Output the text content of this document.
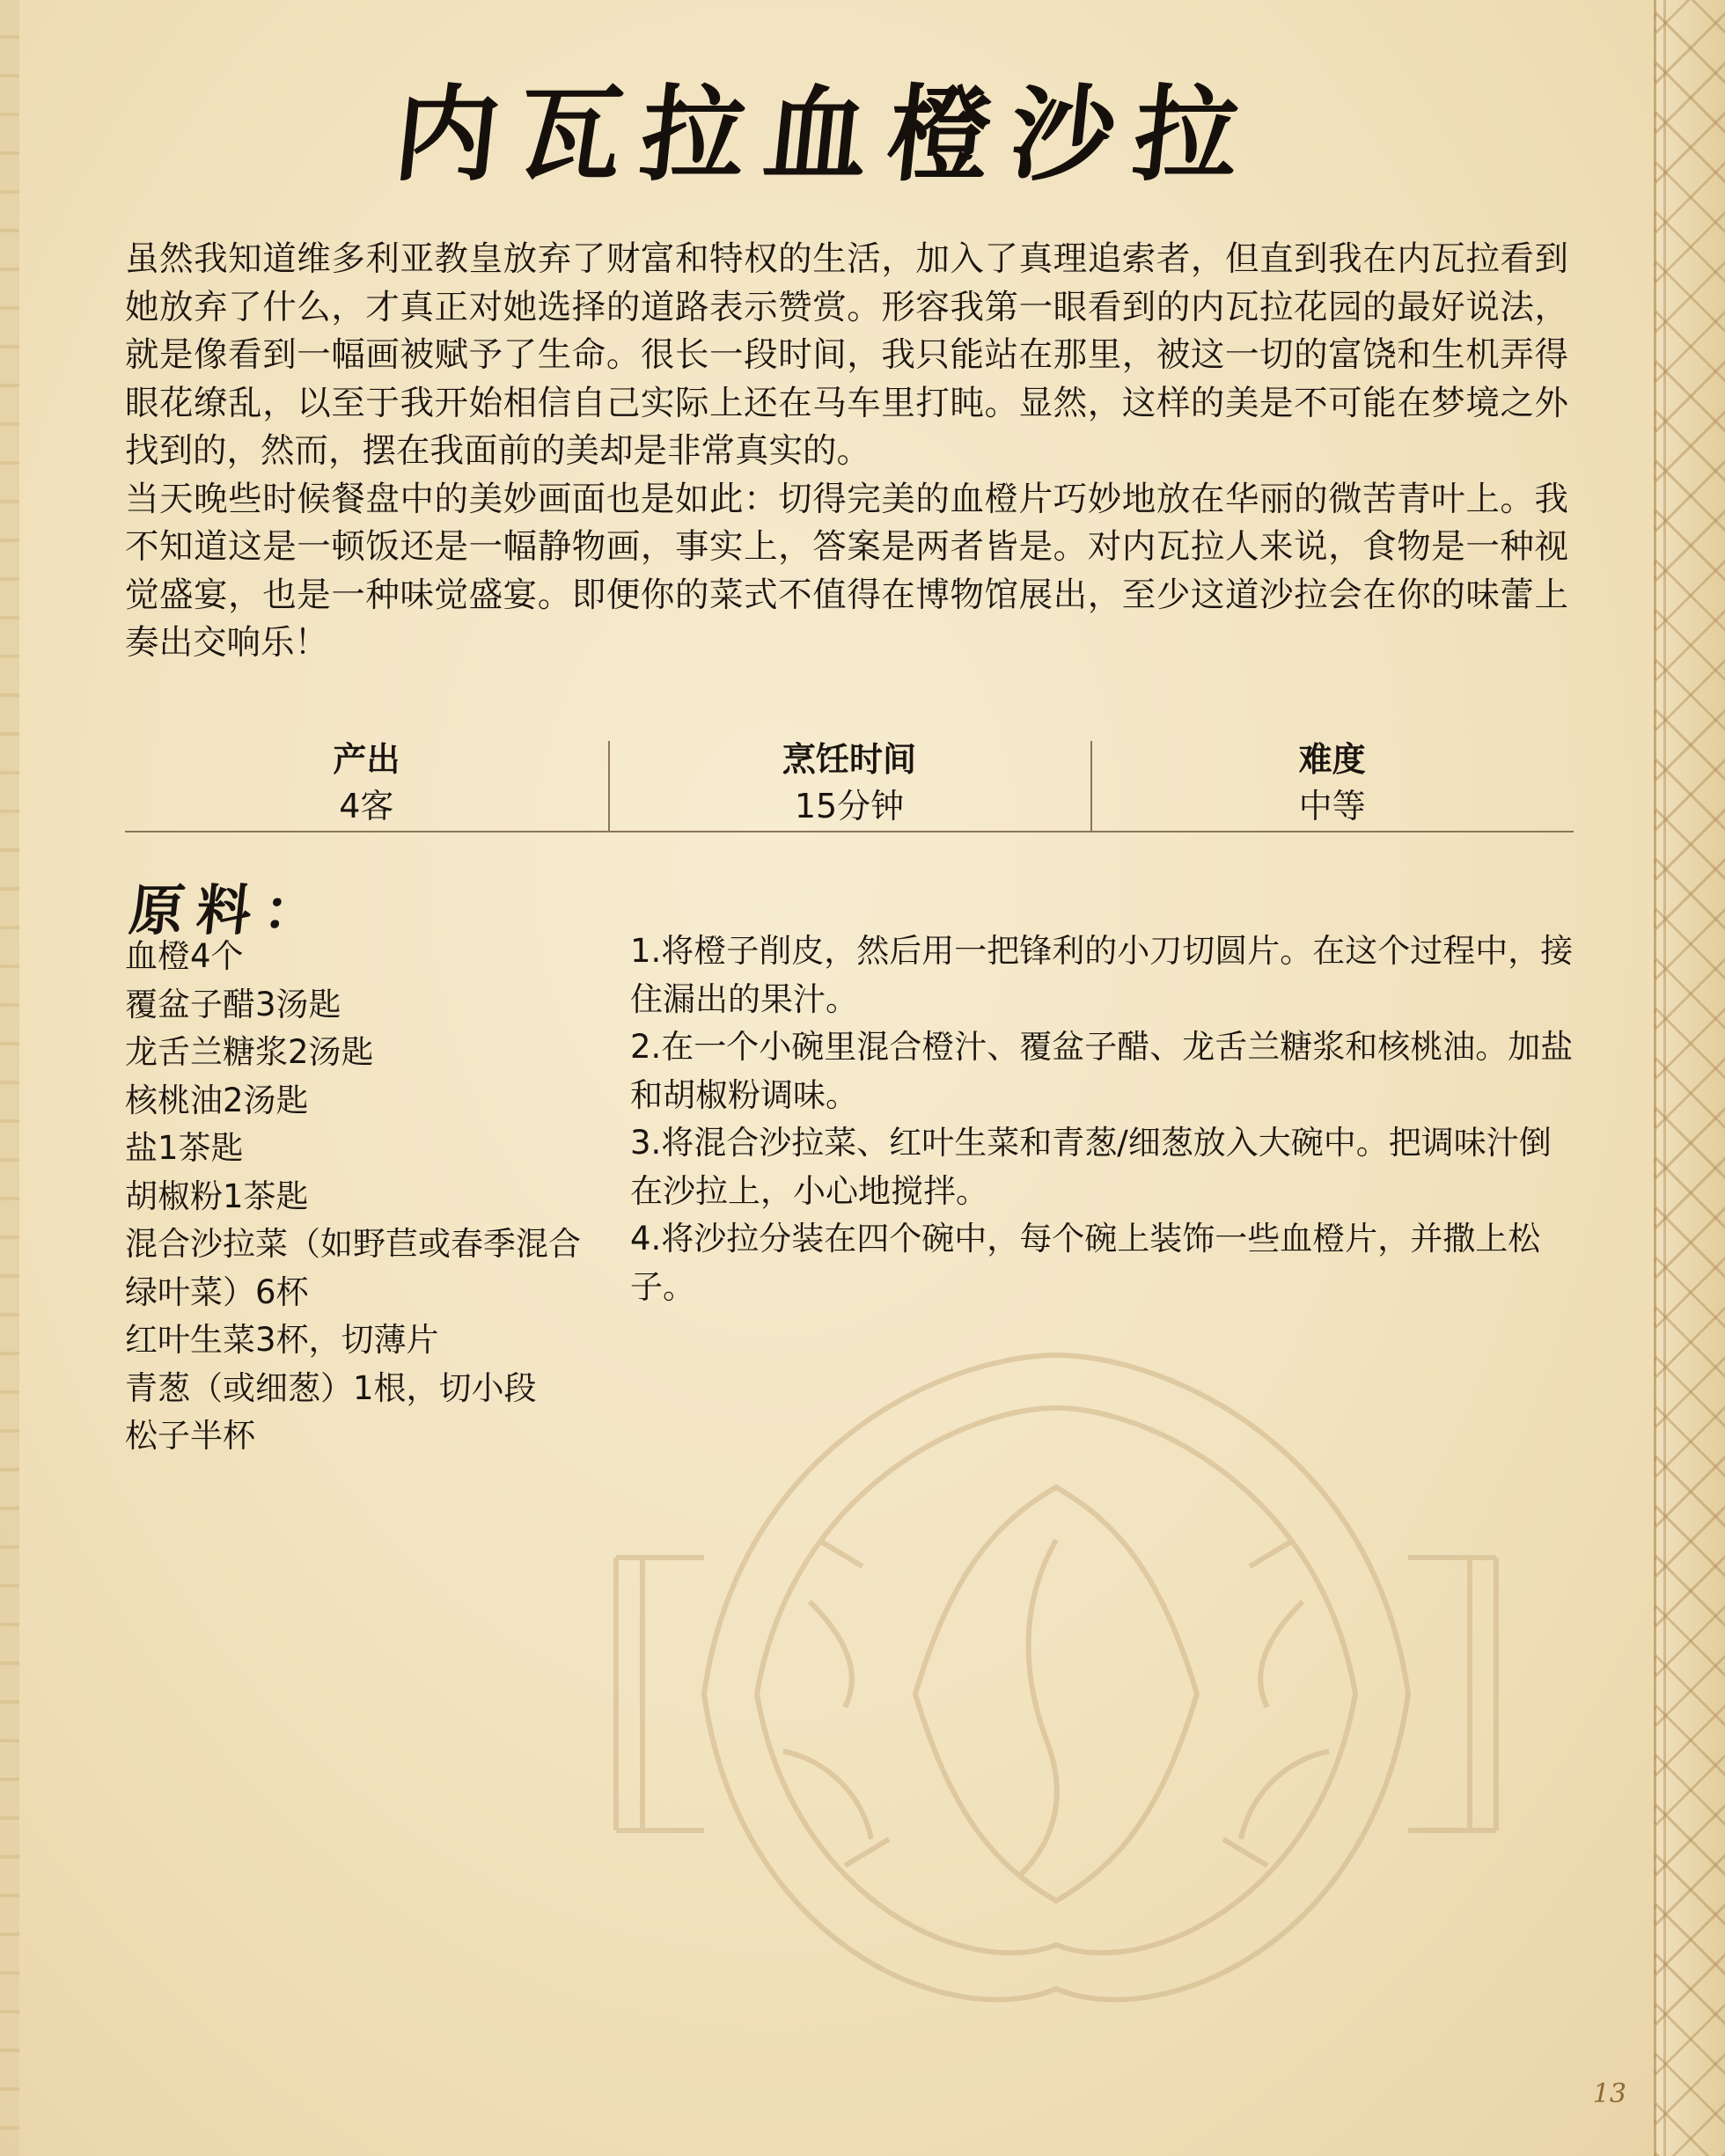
内瓦拉血橙沙拉

虽然我知道维多利亚教皇放弃了财富和特权的生活，加入了真理追索者，但直到我在内瓦拉看到她放弃了什么，才真正对她选择的道路表示赞赏。形容我第一眼看到的内瓦拉花园的最好说法，就是像看到一幅画被赋予了生命。很长一段时间，我只能站在那里，被这一切的富饶和生机弄得眼花缭乱，以至于我开始相信自己实际上还在马车里打盹。显然，这样的美是不可能在梦境之外找到的，然而，摆在我面前的美却是非常真实的。

当天晚些时候餐盘中的美妙画面也是如此：切得完美的血橙片巧妙地放在华丽的微苦青叶上。我不知道这是一顿饭还是一幅静物画，事实上，答案是两者皆是。对内瓦拉人来说，食物是一种视觉盛宴，也是一种味觉盛宴。即便你的菜式不值得在博物馆展出，至少这道沙拉会在你的味蕾上奏出交响乐！

产出
4客
烹饪时间
15分钟
难度
中等
原料：
血橙4个
覆盆子醋3汤匙
龙舌兰糖浆2汤匙
核桃油2汤匙
盐1茶匙
胡椒粉1茶匙
混合沙拉菜（如野苣或春季混合绿叶菜）6杯
红叶生菜3杯，切薄片
青葱（或细葱）1根，切小段
松子半杯
1.将橙子削皮，然后用一把锋利的小刀切圆片。在这个过程中，接住漏出的果汁。
2.在一个小碗里混合橙汁、覆盆子醋、龙舌兰糖浆和核桃油。加盐和胡椒粉调味。
3.将混合沙拉菜、红叶生菜和青葱/细葱放入大碗中。把调味汁倒在沙拉上，小心地搅拌。
4.将沙拉分装在四个碗中，每个碗上装饰一些血橙片，并撒上松子。
13
